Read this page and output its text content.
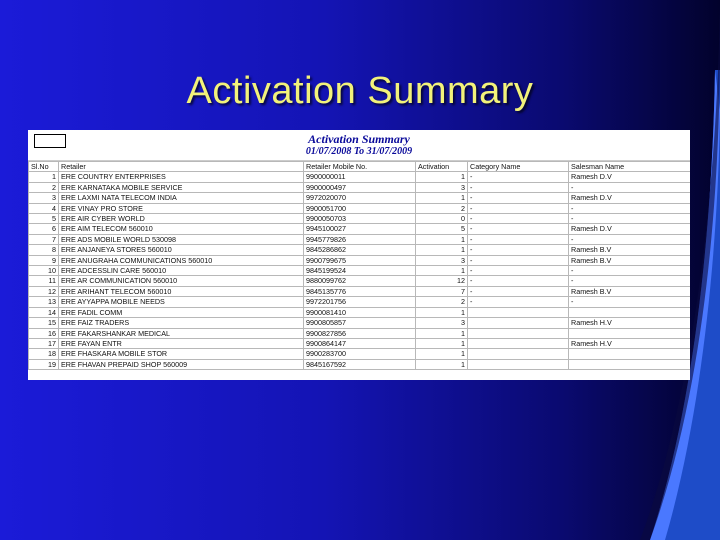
Activation Summary
Activation Summary
01/07/2008 To 31/07/2009
Sl.No	Retailer	Retailer Mobile No.	Activation	Category Name	Salesman Name
1	ERE COUNTRY ENTERPRISES	9900000011	1	-	Ramesh D.V
2	ERE KARNATAKA MOBILE SERVICE	9900000497	3	-	-
3	ERE LAXMI NATA TELECOM INDIA	9972020070	1	-	Ramesh D.V
4	ERE VINAY PRO STORE	9900051700	2	-	-
5	ERE AIR CYBER WORLD	9900050703	0	-	-
6	ERE AIM TELECOM 560010	9945100027	5	-	Ramesh D.V
7	ERE ADS MOBILE WORLD 530098	9945779826	1	-	-
8	ERE ANJANEYA STORES 560010	9845286862	1	-	Ramesh B.V
9	ERE ANUGRAHA COMMUNICATIONS 560010	9900799675	3	-	Ramesh B.V
10	ERE ADCESSLIN CARE 560010	9845199524	1	-	-
11	ERE AR COMMUNICATION 560010	9880099762	12	-	-
12	ERE ARIHANT TELECOM 560010	9845135776	7	-	Ramesh B.V
13	ERE AYYAPPA MOBILE NEEDS	9972201756	2	-	-
14	ERE FADIL COMM	9900081410	1		
15	ERE FAIZ TRADERS	9900805857	3		Ramesh H.V
16	ERE FAKARSHANKAR MEDICAL	9900827856	1		
17	ERE FAYAN ENTR	9900864147	1		Ramesh H.V
18	ERE FHASKARA MOBILE STOR	9900283700	1		
19	ERE FHAVAN PREPAID SHOP 560009	9845167592	1		
